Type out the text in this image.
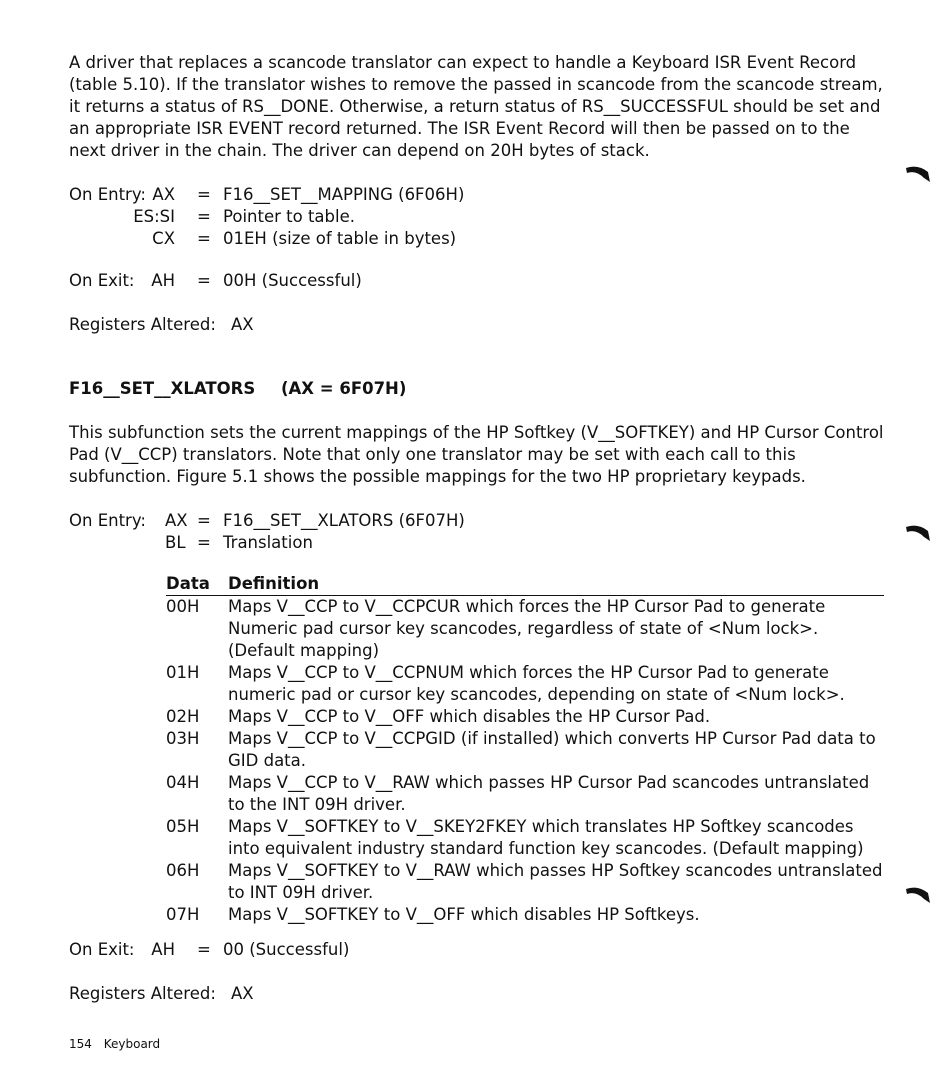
A driver that replaces a scancode translator can expect to handle a Keyboard ISR Event Record (table 5.10). If the translator wishes to remove the passed in scancode from the scancode stream, it returns a status of RS__DONE. Otherwise, a return status of RS__SUCCESSFUL should be set and an appropriate ISR EVENT record returned. The ISR Event Record will then be passed on to the next driver in the chain. The driver can depend on 20H bytes of stack.

On Entry: AX = F16__SET__MAPPING (6F06H)
ES:SI = Pointer to table.
CX = 01EH (size of table in bytes)
On Exit:	AH = 00H (Successful)
Registers Altered: AX
F16__SET__XLATORS (AX = 6F07H)

This subfunction sets the current mappings of the HP Softkey (V__SOFTKEY) and HP Cursor Control Pad (V__CCP) translators. Note that only one translator may be set with each call to this subfunction. Figure 5.1 shows the possible mappings for the two HP proprietary keypads.

On Entry: AX = F16__SET__XLATORS (6F07H)
BL = Translation
Data	Definition
00H	Maps V__CCP to V__CCPCUR which forces the HP Cursor Pad to generate Numeric pad cursor key scancodes, regardless of state of <Num lock>. (Default mapping)
01H	Maps V__CCP to V__CCPNUM which forces the HP Cursor Pad to generate numeric pad or cursor key scancodes, depending on state of <Num lock>.
02H	Maps V__CCP to V__OFF which disables the HP Cursor Pad.
03H	Maps V__CCP to V__CCPGID (if installed) which converts HP Cursor Pad data to GID data.
04H	Maps V__CCP to V__RAW which passes HP Cursor Pad scancodes untranslated to the INT 09H driver.
05H	Maps V__SOFTKEY to V__SKEY2FKEY which translates HP Softkey scancodes into equivalent industry standard function key scancodes. (Default mapping)
06H	Maps V__SOFTKEY to V__RAW which passes HP Softkey scancodes untranslated to INT 09H driver.
07H	Maps V__SOFTKEY to V__OFF which disables HP Softkeys.
On Exit:	AH = 00 (Successful)
Registers Altered: AX
154 Keyboard
